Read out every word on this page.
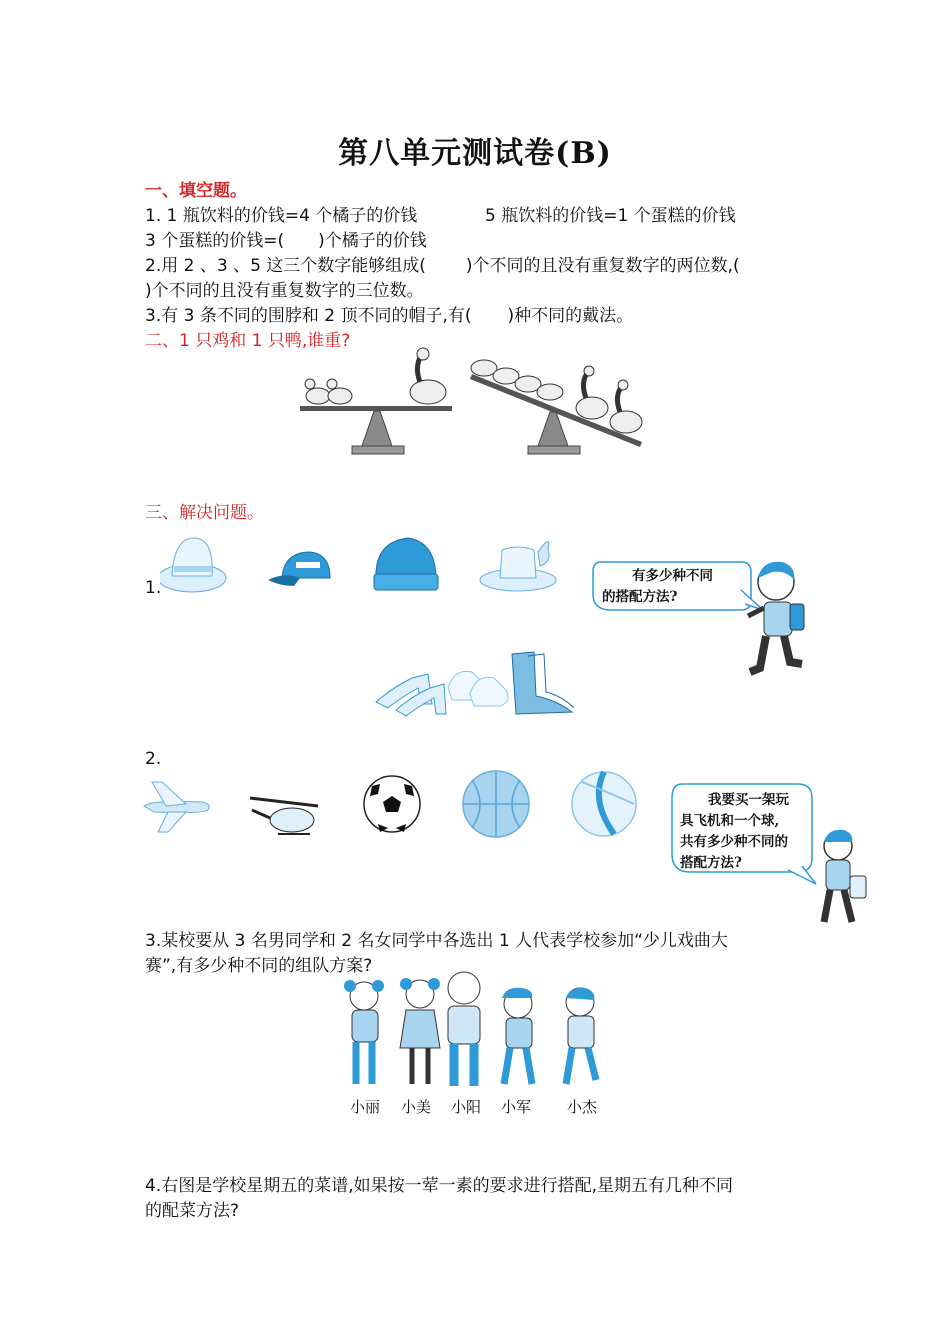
第八单元测试卷(B)
一、填空题。
1. 1 瓶饮料的价钱=4 个橘子的价钱	5 瓶饮料的价钱=1 个蛋糕的价钱
3 个蛋糕的价钱=( )个橘子的价钱
2.用 2 、3 、5 这三个数字能够组成( )个不同的且没有重复数字的两位数,(
)个不同的且没有重复数字的三位数。
3.有 3 条不同的围脖和 2 顶不同的帽子,有( )种不同的戴法。
二、1 只鸡和 1 只鸭,谁重?
三、解决问题。
1.
有多少种不同
的搭配方法?
2.
我要买一架玩
具飞机和一个球,
共有多少种不同的
搭配方法?
3.某校要从 3 名男同学和 2 名女同学中各选出 1 人代表学校参加“少儿戏曲大
赛”,有多少种不同的组队方案?
小丽 小美 小阳 小军 小杰
4.右图是学校星期五的菜谱,如果按一荤一素的要求进行搭配,星期五有几种不同
的配菜方法?
